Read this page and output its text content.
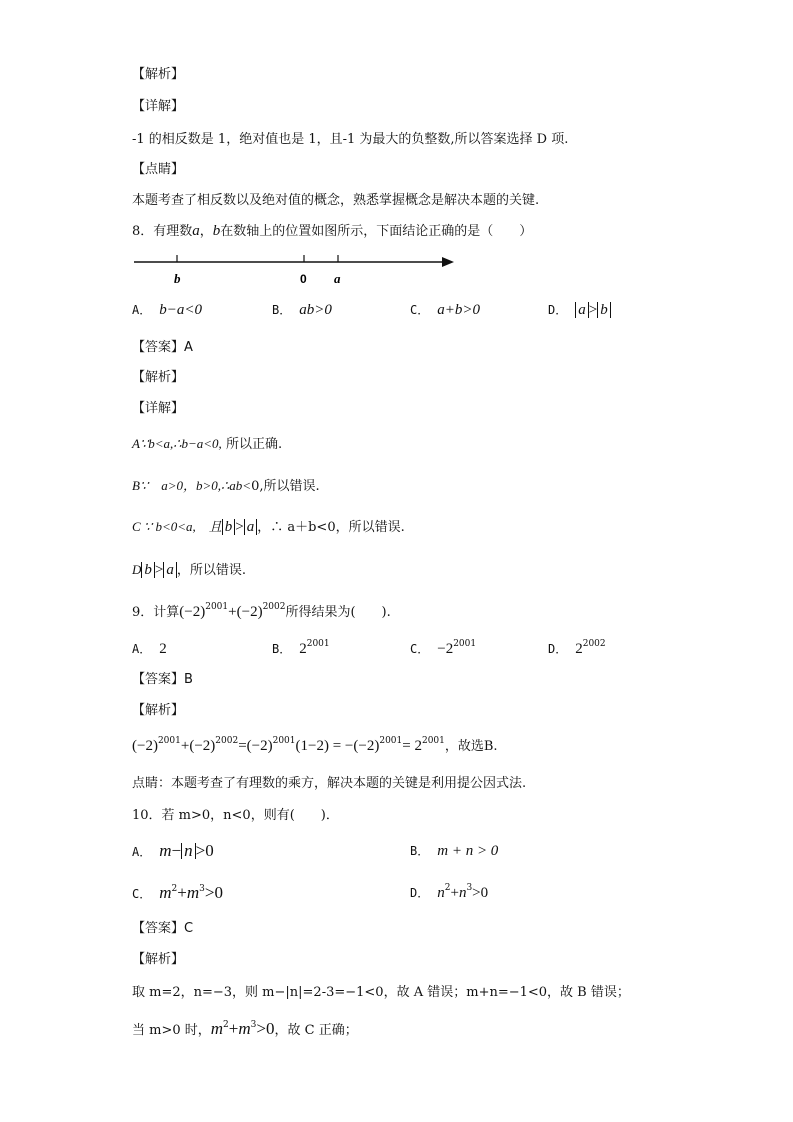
【解析】
【详解】
-1 的相反数是 1，绝对值也是 1，且-1 为最大的负整数,所以答案选择 D 项.
【点睛】
本题考查了相反数以及绝对值的概念，熟悉掌握概念是解决本题的关键.
8．有理数a，b在数轴上的位置如图所示，下面结论正确的是（　　）
b	0 a
A． b−a<0	B． ab>0	C． a+b>0	D． a > b
【答案】A
【解析】
【详解】
A∵b<a,∴b−a<0, 所以正确.
B∵　a>0，b>0,∴ab<0,所以错误.
C ∵ b<0<a,　且 b > a ，∴ a＋b<0，所以错误.
D b > a ，所以错误.
9．计算$(-2)^{2001}+(-2)^{2002}$所得结果为(　　).
A． 2	B． $2^{2001}$	C． $-2^{2001}$	D． $2^{2002}$
【答案】B
【解析】
$(-2)^{2001}+(-2)^{2002}=(-2)^{2001}(1-2) = -(-2)^{2001}= 2^{2001}$，故选B.
点睛：本题考查了有理数的乘方，解决本题的关键是利用提公因式法.
10．若 m>0，n<0，则有(　　)．
A． m− n >0	B． m + n > 0
C． $m^2+m^3>0$	D． $n^2+n^3>0$
【答案】C
【解析】
取 m=2，n=−3，则 m−|n|=2-3=−1<0，故 A 错误；m+n=−1<0，故 B 错误；
当 m>0 时，$m^2+m^3>0$，故 C 正确；
